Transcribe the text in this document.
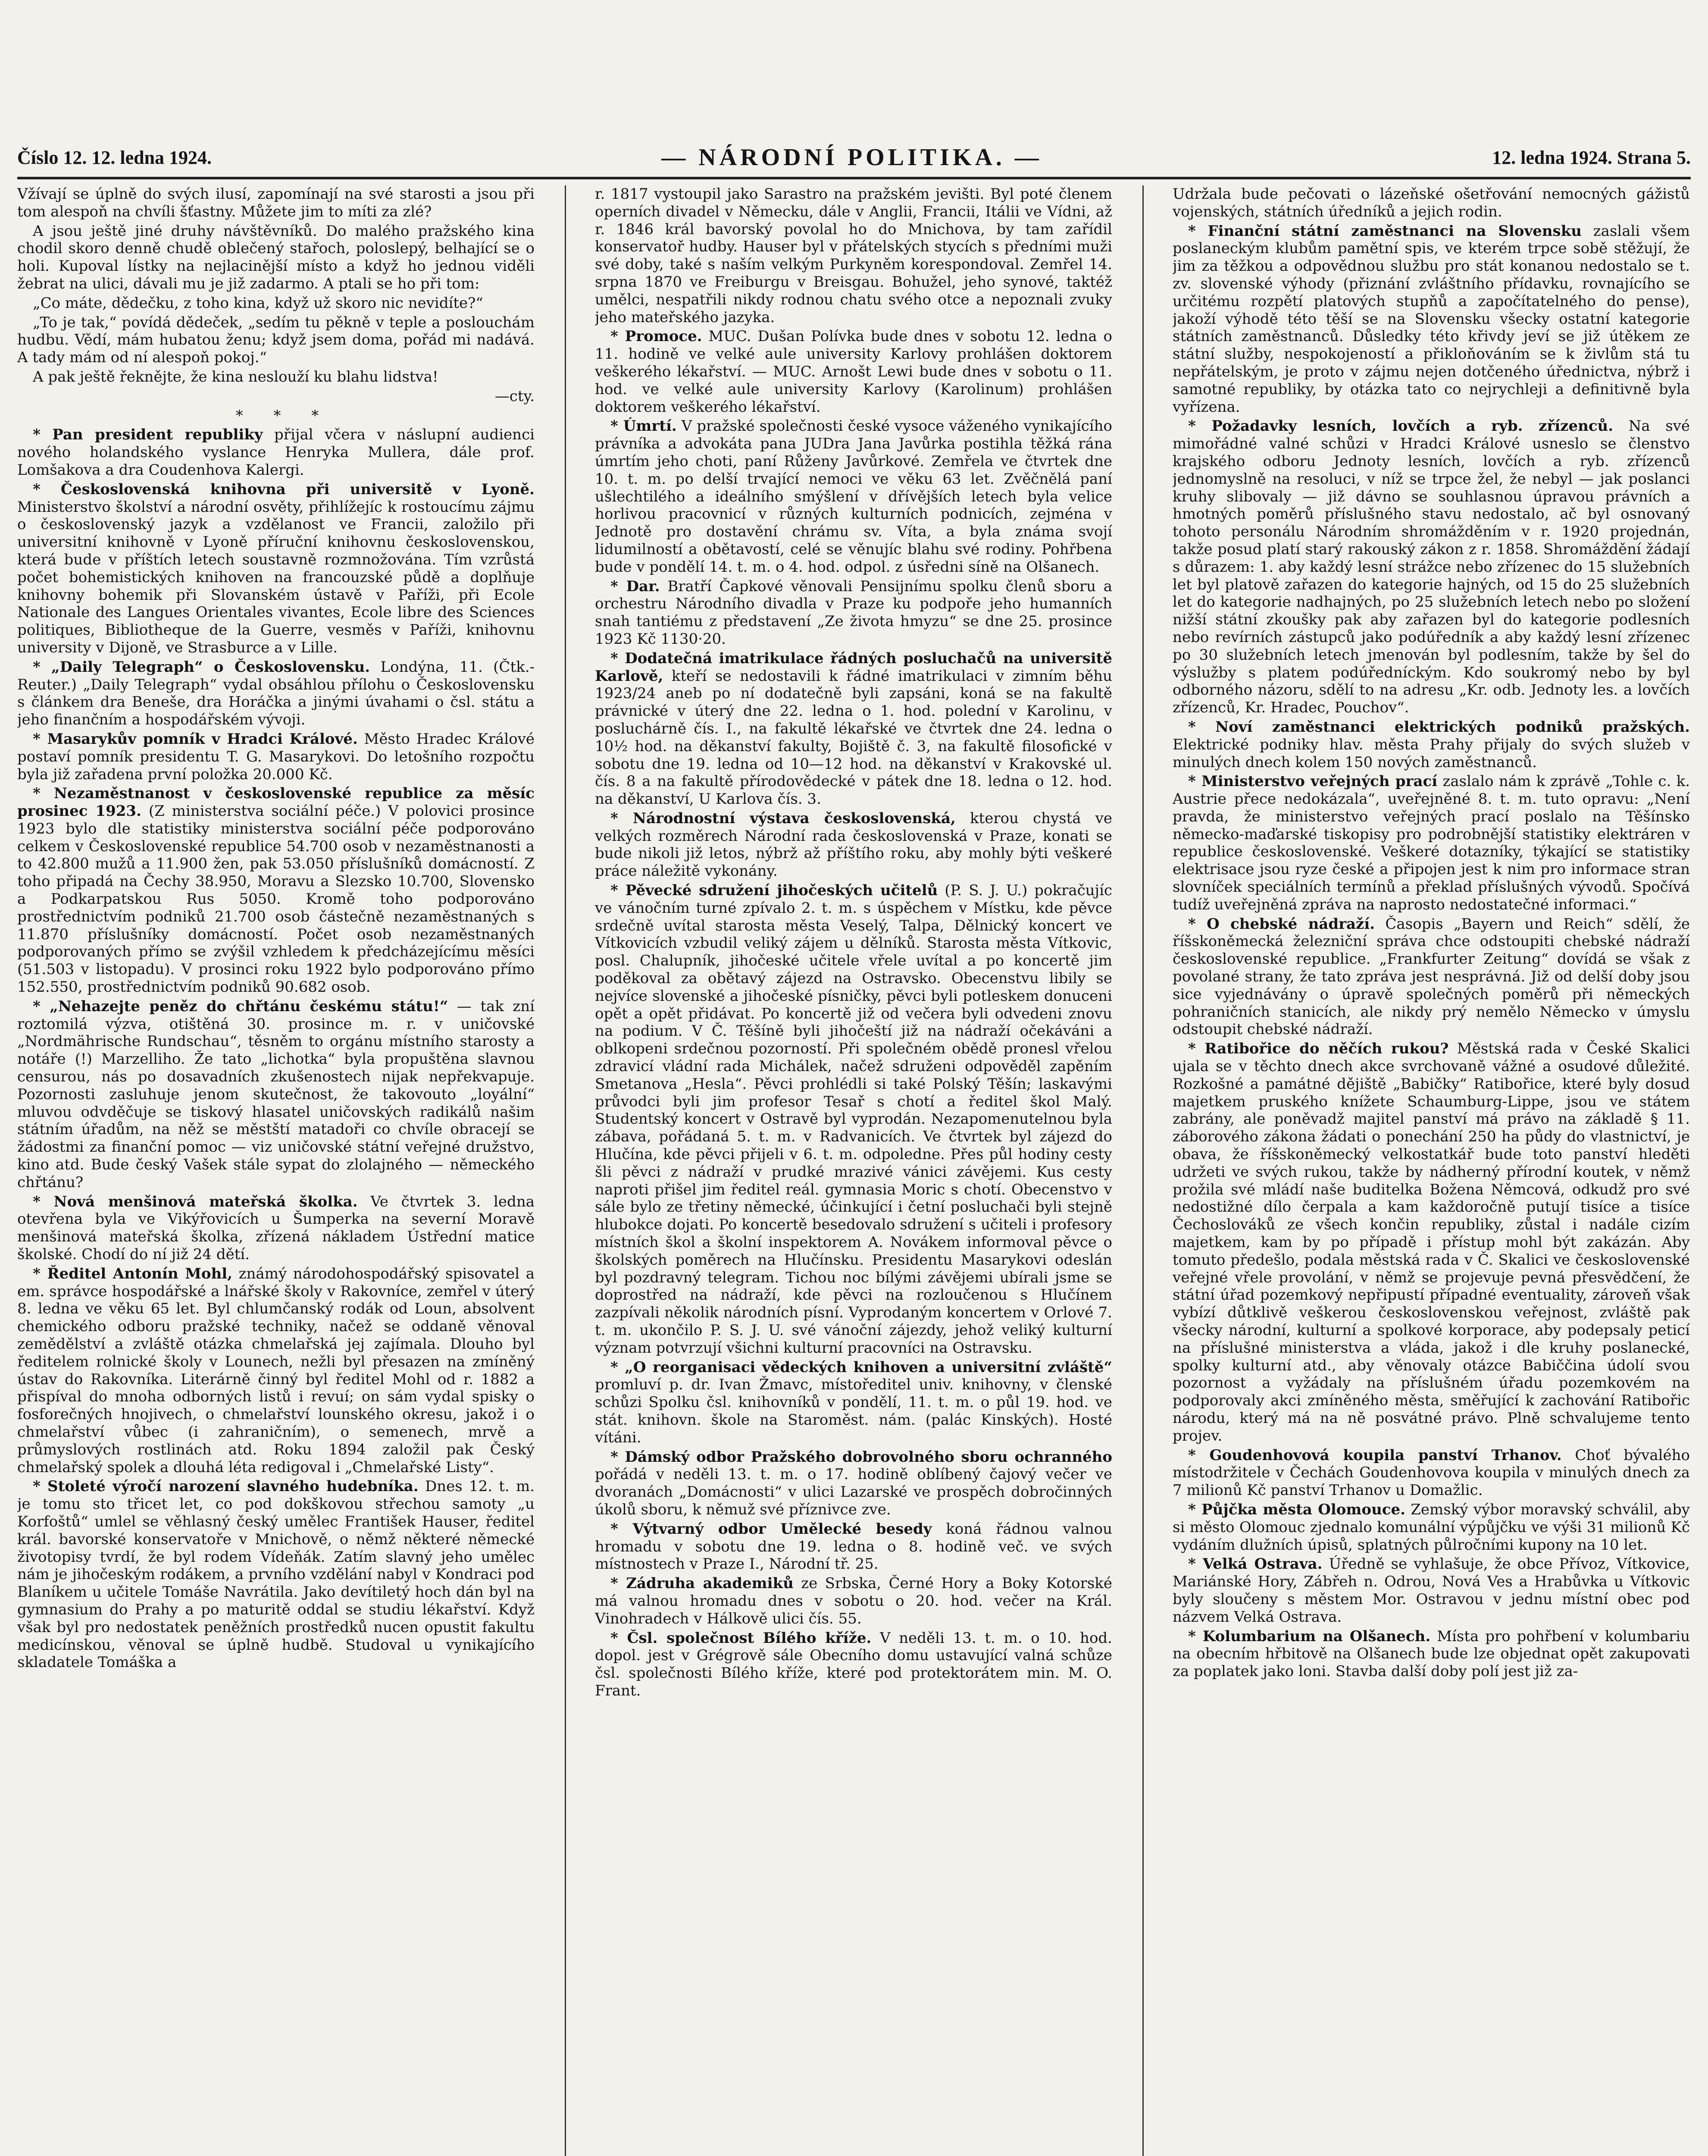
Číslo 12. 12. ledna 1924.	— NÁRODNÍ POLITIKA. —	12. ledna 1924. Strana 5.

Vžívají se úplně do svých ilusí, zapomínají na své starosti a jsou při tom alespoň na chvíli šťastny. Můžete jim to míti za zlé?

A jsou ještě jiné druhy návštěvníků. Do malého pražského kina chodil skoro denně chudě oblečený stařoch, poloslepý, belhající se o holi. Kupoval lístky na nejlacinější místo a když ho jednou viděli žebrat na ulici, dávali mu je již zadarmo. A ptali se ho při tom:

„Co máte, dědečku, z toho kina, když už skoro nic nevidíte?“

„To je tak,“ povídá dědeček, „sedím tu pěkně v teple a poslouchám hudbu. Vědí, mám hubatou ženu; když jsem doma, pořád mi nadává. A tady mám od ní alespoň pokoj.“

A pak ještě řeknějte, že kina neslouží ku blahu lidstva!

—cty.

* * *

* Pan president republiky přijal včera v náslupní audienci nového holandského vyslance Henryka Mullera, dále prof. Lomšakova a dra Coudenhova Kalergi.

* Československá knihovna při universitě v Lyoně. Ministerstvo školství a národní osvěty, přihlížejíc k rostoucímu zájmu o československý jazyk a vzdělanost ve Francii, založilo při universitní knihovně v Lyoně příruční knihovnu československou, která bude v příštích letech soustavně rozmnožována. Tím vzrůstá počet bohemistických knihoven na francouzské půdě a doplňuje knihovny bohemik při Slovanském ústavě v Paříži, při Ecole Nationale des Langues Orientales vivantes, Ecole libre des Sciences politiques, Bibliotheque de la Guerre, vesměs v Paříži, knihovnu university v Dijoně, ve Strasburce a v Lille.

* „Daily Telegraph“ o Československu. Londýna, 11. (Čtk.-Reuter.) „Daily Telegraph“ vydal obsáhlou přílohu o Československu s článkem dra Beneše, dra Horáčka a jinými úvahami o čsl. státu a jeho finančním a hospodářském vývoji.

* Masarykův pomník v Hradci Králové. Město Hradec Králové postaví pomník presidentu T. G. Masarykovi. Do letošního rozpočtu byla již zařadena první položka 20.000 Kč.

* Nezaměstnanost v československé republice za měsíc prosinec 1923. (Z ministerstva sociální péče.) V polovici prosince 1923 bylo dle statistiky ministerstva sociální péče podporováno celkem v Československé republice 54.700 osob v nezaměstnanosti a to 42.800 mužů a 11.900 žen, pak 53.050 příslušníků domácností. Z toho připadá na Čechy 38.950, Moravu a Slezsko 10.700, Slovensko a Podkarpatskou Rus 5050. Kromě toho podporováno prostřednictvím podniků 21.700 osob částečně nezaměstnaných s 11.870 příslušníky domácností. Počet osob nezaměstnaných podporovaných přímo se zvýšil vzhledem k předcházejícímu měsíci (51.503 v listopadu). V prosinci roku 1922 bylo podporováno přímo 152.550, prostřednictvím podniků 90.682 osob.

* „Nehazejte peněz do chřtánu českému státu!“ — tak zní roztomilá výzva, otištěná 30. prosince m. r. v uničovské „Nordmährische Rundschau“, těsněm to orgánu místního starosty a notáře (!) Marzelliho. Že tato „lichotka“ byla propuštěna slavnou censurou, nás po dosavadních zkušenostech nijak nepřekvapuje. Pozornosti zasluhuje jenom skutečnost, že takovouto „loyální“ mluvou odvděčuje se tiskový hlasatel uničovských radikálů našim státním úřadům, na něž se městští matadoři co chvíle obracejí se žádostmi za finanční pomoc — viz uničovské státní veřejné družstvo, kino atd. Bude český Vašek stále sypat do zlolajného — německého chřtánu?

* Nová menšinová mateřská školka. Ve čtvrtek 3. ledna otevřena byla ve Vikýřovicích u Šumperka na severní Moravě menšinová mateřská školka, zřízená nákladem Ústřední matice školské. Chodí do ní již 24 dětí.

* Ředitel Antonín Mohl, známý národohospodářský spisovatel a em. správce hospodářské a lnářské školy v Rakovníce, zemřel v úterý 8. ledna ve věku 65 let. Byl chlumčanský rodák od Loun, absolvent chemického odboru pražské techniky, načež se oddaně věnoval zemědělství a zvláště otázka chmelařská jej zajímala. Dlouho byl ředitelem rolnické školy v Lounech, nežli byl přesazen na zmíněný ústav do Rakovníka. Literárně činný byl ředitel Mohl od r. 1882 a přispíval do mnoha odborných listů i revuí; on sám vydal spisky o fosforečných hnojivech, o chmelařství lounského okresu, jakož i o chmelařství vůbec (i zahraničním), o semenech, mrvě a průmyslových rostlinách atd. Roku 1894 založil pak Český chmelařský spolek a dlouhá léta redigoval i „Chmelařské Listy“.

* Stoleté výročí narození slavného hudebníka. Dnes 12. t. m. je tomu sto třicet let, co pod dokškovou střechou samoty „u Korfoštů“ umlel se věhlasný český umělec František Hauser, ředitel král. bavorské konservatoře v Mnichově, o němž některé německé životopisy tvrdí, že byl rodem Vídeňák. Zatím slavný jeho umělec nám je jihočeským rodákem, a prvního vzdělání nabyl v Kondraci pod Blaníkem u učitele Tomáše Navrátila. Jako devítiletý hoch dán byl na gymnasium do Prahy a po maturitě oddal se studiu lékařství. Když však byl pro nedostatek peněžních prostředků nucen opustit fakultu medicínskou, věnoval se úplně hudbě. Studoval u vynikajícího skladatele Tomáška a

r. 1817 vystoupil jako Sarastro na pražském jevišti. Byl poté členem operních divadel v Německu, dále v Anglii, Francii, Itálii ve Vídni, až r. 1846 král bavorský povolal ho do Mnichova, by tam zařídil konservatoř hudby. Hauser byl v přátelských stycích s předními muži své doby, také s naším velkým Purkyněm korespondoval. Zemřel 14. srpna 1870 ve Freiburgu v Breisgau. Bohužel, jeho synové, taktéž umělci, nespatřili nikdy rodnou chatu svého otce a nepoznali zvuky jeho mateřského jazyka.

* Promoce. MUC. Dušan Polívka bude dnes v sobotu 12. ledna o 11. hodině ve velké aule university Karlovy prohlášen doktorem veškerého lékařství. — MUC. Arnošt Lewi bude dnes v sobotu o 11. hod. ve velké aule university Karlovy (Karolinum) prohlášen doktorem veškerého lékařství.

* Úmrtí. V pražské společnosti české vysoce váženého vynikajícího právníka a advokáta pana JUDra Jana Javůrka postihla těžká rána úmrtím jeho choti, paní Růženy Javůrkové. Zemřela ve čtvrtek dne 10. t. m. po delší trvající nemoci ve věku 63 let. Zvěčnělá paní ušlechtilého a ideálního smýšlení v dřívějších letech byla velice horlivou pracovnicí v různých kulturních podnicích, zejména v Jednotě pro dostavění chrámu sv. Víta, a byla známa svojí lidumilností a obětavostí, celé se věnujíc blahu své rodiny. Pohřbena bude v pondělí 14. t. m. o 4. hod. odpol. z úsředni síně na Olšanech.

* Dar. Bratří Čapkové věnovali Pensijnímu spolku členů sboru a orchestru Národního divadla v Praze ku podpoře jeho humanních snah tantiému z představení „Ze života hmyzu“ se dne 25. prosince 1923 Kč 1130·20.

* Dodatečná imatrikulace řádných posluchačů na universitě Karlově, kteří se nedostavili k řádné imatrikulaci v zimním běhu 1923/24 aneb po ní dodatečně byli zapsáni, koná se na fakultě právnické v úterý dne 22. ledna o 1. hod. polední v Karolinu, v posluchárně čís. I., na fakultě lékařské ve čtvrtek dne 24. ledna o 10½ hod. na děkanství fakulty, Bojiště č. 3, na fakultě filosofické v sobotu dne 19. ledna od 10—12 hod. na děkanství v Krakovské ul. čís. 8 a na fakultě přírodovědecké v pátek dne 18. ledna o 12. hod. na děkanství, U Karlova čís. 3.

* Národnostní výstava československá, kterou chystá ve velkých rozměrech Národní rada československá v Praze, konati se bude nikoli již letos, nýbrž až příštího roku, aby mohly býti veškeré práce náležitě vykonány.

* Pěvecké sdružení jihočeských učitelů (P. S. J. U.) pokračujíc ve vánočním turné zpívalo 2. t. m. s úspěchem v Místku, kde pěvce srdečně uvítal starosta města Veselý, Talpa, Dělnický koncert ve Vítkovicích vzbudil veliký zájem u dělníků. Starosta města Vítkovic, posl. Chalupník, jihočeské učitele vřele uvítal a po koncertě jim poděkoval za obětavý zájezd na Ostravsko. Obecenstvu libily se nejvíce slovenské a jihočeské písničky, pěvci byli potleskem donuceni opět a opět přidávat. Po koncertě již od večera byli odvedeni znovu na podium. V Č. Těšíně byli jihočeští již na nádraží očekáváni a oblkopeni srdečnou pozorností. Při společném obědě pronesl vřelou zdravicí vládní rada Michálek, načež sdruženi odpověděl zapěním Smetanova „Hesla“. Pěvci prohlédli si také Polský Těšín; laskavými průvodci byli jim profesor Tesař s chotí a ředitel škol Malý. Studentský koncert v Ostravě byl vyprodán. Nezapomenutelnou byla zábava, pořádaná 5. t. m. v Radvanicích. Ve čtvrtek byl zájezd do Hlučína, kde pěvci přijeli v 6. t. m. odpoledne. Přes půl hodiny cesty šli pěvci z nádraží v prudké mrazivé vánici závějemi. Kus cesty naproti přišel jim ředitel reál. gymnasia Moric s chotí. Obecenstvo v sále bylo ze třetiny německé, účinkující i četní posluchači byli stejně hlubokce dojati. Po koncertě besedovalo sdružení s učiteli i profesory místních škol a školní inspektorem A. Novákem informoval pěvce o školských poměrech na Hlučínsku. Presidentu Masarykovi odeslán byl pozdravný telegram. Tichou noc bílými závějemi ubírali jsme se doprostřed na nádraží, kde pěvci na rozloučenou s Hlučínem zazpívali několik národních písní. Vyprodaným koncertem v Orlové 7. t. m. ukončilo P. S. J. U. své vánoční zájezdy, jehož veliký kulturní význam potvrzují všichni kulturní pracovníci na Ostravsku.

* „O reorganisaci vědeckých knihoven a universitní zvláště“ promluví p. dr. Ivan Žmavc, místoředitel univ. knihovny, v členské schůzi Spolku čsl. knihovníků v pondělí, 11. t. m. o půl 19. hod. ve stát. knihovn. škole na Staroměst. nám. (palác Kinských). Hosté vítáni.

* Dámský odbor Pražského dobrovolného sboru ochranného pořádá v neděli 13. t. m. o 17. hodině oblíbený čajový večer ve dvoranách „Domácnosti“ v ulici Lazarské ve prospěch dobročinných úkolů sboru, k němuž své příznivce zve.

* Výtvarný odbor Umělecké besedy koná řádnou valnou hromadu v sobotu dne 19. ledna o 8. hodině več. ve svých místnostech v Praze I., Národní tř. 25.

* Zádruha akademiků ze Srbska, Černé Hory a Boky Kotorské má valnou hromadu dnes v sobotu o 20. hod. večer na Král. Vinohradech v Hálkově ulici čís. 55.

* Čsl. společnost Bílého kříže. V neděli 13. t. m. o 10. hod. dopol. jest v Grégrově sále Obecního domu ustavující valná schůze čsl. společnosti Bílého kříže, které pod protektorátem min. M. O. Frant.

Udržala bude pečovati o lázeňské ošetřování nemocných gážistů vojenských, státních úředníků a jejich rodin.

* Finanční státní zaměstnanci na Slovensku zaslali všem poslaneckým klubům pamětní spis, ve kterém trpce sobě stěžují, že jim za těžkou a odpovědnou službu pro stát konanou nedostalo se t. zv. slovenské výhody (přiznání zvláštního přídavku, rovnajícího se určitému rozpětí platových stupňů a započítatelného do pense), jakoží výhodě této těší se na Slovensku všecky ostatní kategorie státních zaměstnanců. Důsledky této křivdy jeví se již útěkem ze státní služby, nespokojeností a přikloňováním se k živlům stá tu nepřátelským, je proto v zájmu nejen dotčeného úřednictva, nýbrž i samotné republiky, by otázka tato co nejrychleji a definitivně byla vyřízena.

* Požadavky lesních, lovčích a ryb. zřízenců. Na své mimořádné valné schůzi v Hradci Králové usneslo se členstvo krajského odboru Jednoty lesních, lovčích a ryb. zřízenců jednomyslně na resoluci, v níž se trpce žel, že nebyl — jak poslanci kruhy slibovaly — již dávno se souhlasnou úpravou právních a hmotných poměrů příslušného stavu nedostalo, ač byl osnovaný tohoto personálu Národním shromážděním v r. 1920 projednán, takže posud platí starý rakouský zákon z r. 1858. Shromáždění žádají s důrazem: 1. aby každý lesní strážce nebo zřízenec do 15 služebních let byl platově zařazen do kategorie hajných, od 15 do 25 služebních let do kategorie nadhajných, po 25 služebních letech nebo po složení nižší státní zkoušky pak aby zařazen byl do kategorie podlesních nebo revírních zástupců jako podúředník a aby každý lesní zřízenec po 30 služebních letech jmenován byl podlesním, takže by šel do výslužby s platem podúředníckým. Kdo soukromý nebo by byl odborného názoru, sdělí to na adresu „Kr. odb. Jednoty les. a lovčích zřízenců, Kr. Hradec, Pouchov“.

* Noví zaměstnanci elektrických podniků pražských. Elektrické podniky hlav. města Prahy přijaly do svých služeb v minulých dnech kolem 150 nových zaměstnanců.

* Ministerstvo veřejných prací zaslalo nám k zprávě „Tohle c. k. Austrie přece nedokázala“, uveřejněné 8. t. m. tuto opravu: „Není pravda, že ministerstvo veřejných prací poslalo na Těšínsko německo-maďarské tiskopisy pro podrobnější statistiky elektráren v republice československé. Veškeré dotazníky, týkající se statistiky elektrisace jsou ryze české a připojen jest k nim pro informace stran slovníček speciálních termínů a překlad příslušných vývodů. Spočívá tudíž uveřejněná zpráva na naprosto nedostatečné informaci.“

* O chebské nádraží. Časopis „Bayern und Reich“ sdělí, že říšskoněmecká železniční správa chce odstoupiti chebské nádraží československé republice. „Frankfurter Zeitung“ dovídá se však z povolané strany, že tato zpráva jest nesprávná. Již od delší doby jsou sice vyjednávány o úpravě společných poměrů při německých pohraničních stanicích, ale nikdy prý nemělo Německo v úmyslu odstoupit chebské nádraží.

* Ratibořice do něčích rukou? Městská rada v České Skalici ujala se v těchto dnech akce svrchovaně vážné a osudové důležité. Rozkošné a památné dějiště „Babičky“ Ratibořice, které byly dosud majetkem pruského knížete Schaumburg-Lippe, jsou ve státem zabrány, ale poněvadž majitel panství má právo na základě § 11. záborového zákona žádati o ponechání 250 ha půdy do vlastnictví, je obava, že říšskoněmecký velkostatkář bude toto panství hleděti udržeti ve svých rukou, takže by nádherný přírodní koutek, v němž prožila své mládí naše buditelka Božena Němcová, odkudž pro své nedostižné dílo čerpala a kam každoročně putují tisíce a tisíce Čechoslováků ze všech končin republiky, zůstal i nadále cizím majetkem, kam by po případě i přístup mohl být zakázán. Aby tomuto předešlo, podala městská rada v Č. Skalici ve československé veřejné vřele provolání, v němž se projevuje pevná přesvědčení, že státní úřad pozemkový nepřipustí případné eventuality, zároveň však vybízí důtklivě veškerou československou veřejnost, zvláště pak všecky národní, kulturní a spolkové korporace, aby podepsaly peticí na příslušné ministerstva a vláda, jakož i dle kruhy poslanecké, spolky kulturní atd., aby věnovaly otázce Babiččina údolí svou pozornost a vyžádaly na příslušném úřadu pozemkovém na podporovaly akci zmíněného města, směřující k zachování Ratibořic národu, který má na ně posvátné právo. Plně schvalujeme tento projev.

* Goudenhovová koupila panství Trhanov. Choť bývalého místodržitele v Čechách Goudenhovova koupila v minulých dnech za 7 milionů Kč panství Trhanov u Domažlic.

* Půjčka města Olomouce. Zemský výbor moravský schválil, aby si město Olomouc zjednalo komunální výpůjčku ve výši 31 milionů Kč vydáním dlužních úpisů, splatných půlročními kupony na 10 let.

* Velká Ostrava. Úředně se vyhlašuje, že obce Přívoz, Vítkovice, Mariánské Hory, Zábřeh n. Odrou, Nová Ves a Hrabůvka u Vítkovic byly sloučeny s městem Mor. Ostravou v jednu místní obec pod názvem Velká Ostrava.

* Kolumbarium na Olšanech. Místa pro pohřbení v kolumbariu na obecním hřbitově na Olšanech bude lze objednat opět zakupovati za poplatek jako loni. Stavba další doby polí jest již za-
